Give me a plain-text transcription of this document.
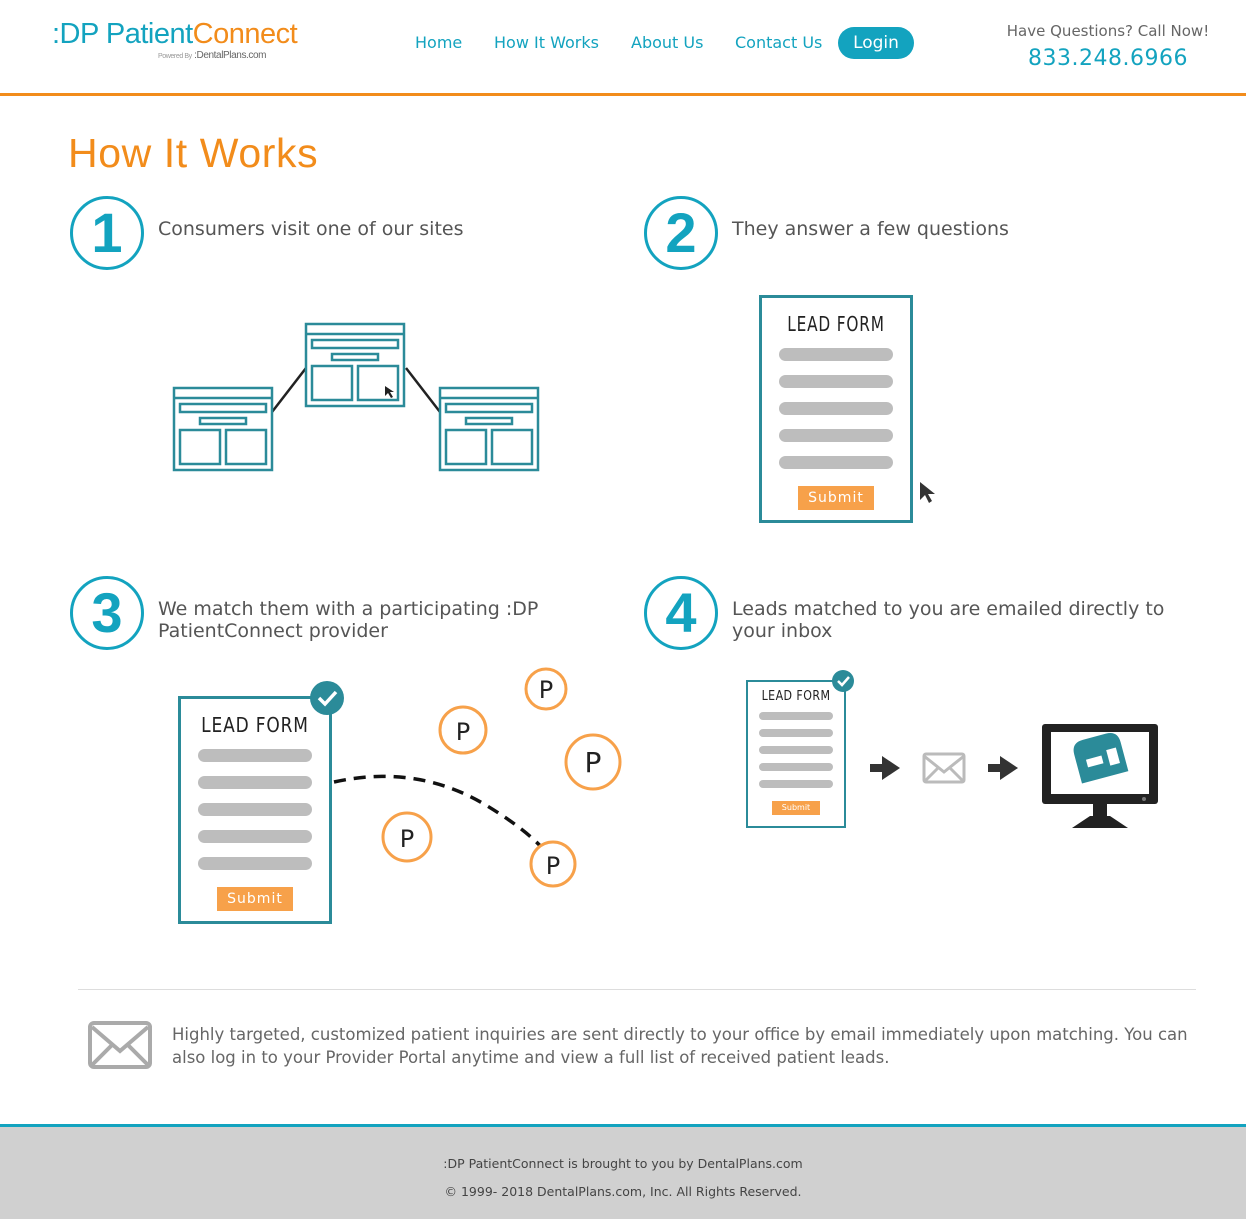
:DP PatientConnect
Powered By :DentalPlans.com
Home How It Works About Us Contact Us	Login
Have Questions? Call Now!
833.248.6966
How It Works
1	Consumers visit one of our sites	2	They answer a few questions
LEAD FORM
Submit
3	We match them with a participating :DP PatientConnect provider
LEAD FORM
Submit
P
P
P
P
P
4	Leads matched to you are emailed directly to your inbox
LEAD FORM
Submit
Highly targeted, customized patient inquiries are sent directly to your office by email immediately upon matching. You can also log in to your Provider Portal anytime and view a full list of received patient leads.
:DP PatientConnect is brought to you by DentalPlans.com
© 1999- 2018 DentalPlans.com, Inc. All Rights Reserved.
